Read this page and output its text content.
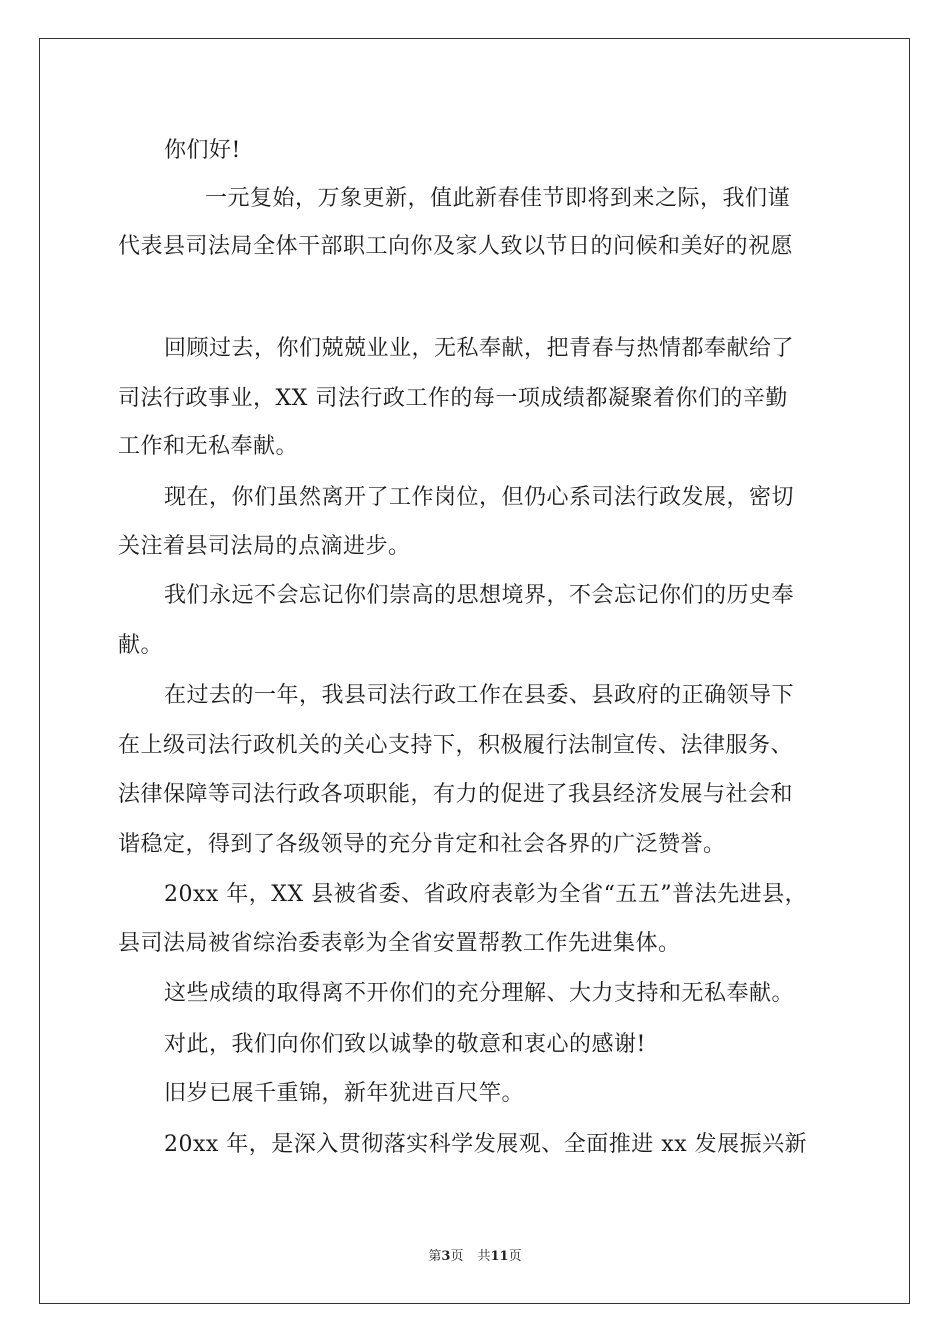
你们好!
一元复始，万象更新，值此新春佳节即将到来之际，我们谨
代表县司法局全体干部职工向你及家人致以节日的问候和美好的祝愿
回顾过去，你们兢兢业业，无私奉献，把青春与热情都奉献给了
司法行政事业，XX 司法行政工作的每一项成绩都凝聚着你们的辛勤
工作和无私奉献。
现在，你们虽然离开了工作岗位，但仍心系司法行政发展，密切
关注着县司法局的点滴进步。
我们永远不会忘记你们崇高的思想境界，不会忘记你们的历史奉
献。
在过去的一年，我县司法行政工作在县委、县政府的正确领导下
在上级司法行政机关的关心支持下，积极履行法制宣传、法律服务、
法律保障等司法行政各项职能，有力的促进了我县经济发展与社会和
谐稳定，得到了各级领导的充分肯定和社会各界的广泛赞誉。
20xx 年，XX 县被省委、省政府表彰为全省“五五”普法先进县，
县司法局被省综治委表彰为全省安置帮教工作先进集体。
这些成绩的取得离不开你们的充分理解、大力支持和无私奉献。
对此，我们向你们致以诚挚的敬意和衷心的感谢!
旧岁已展千重锦，新年犹进百尺竿。
20xx 年，是深入贯彻落实科学发展观、全面推进 xx 发展振兴新
第3页 共11页
